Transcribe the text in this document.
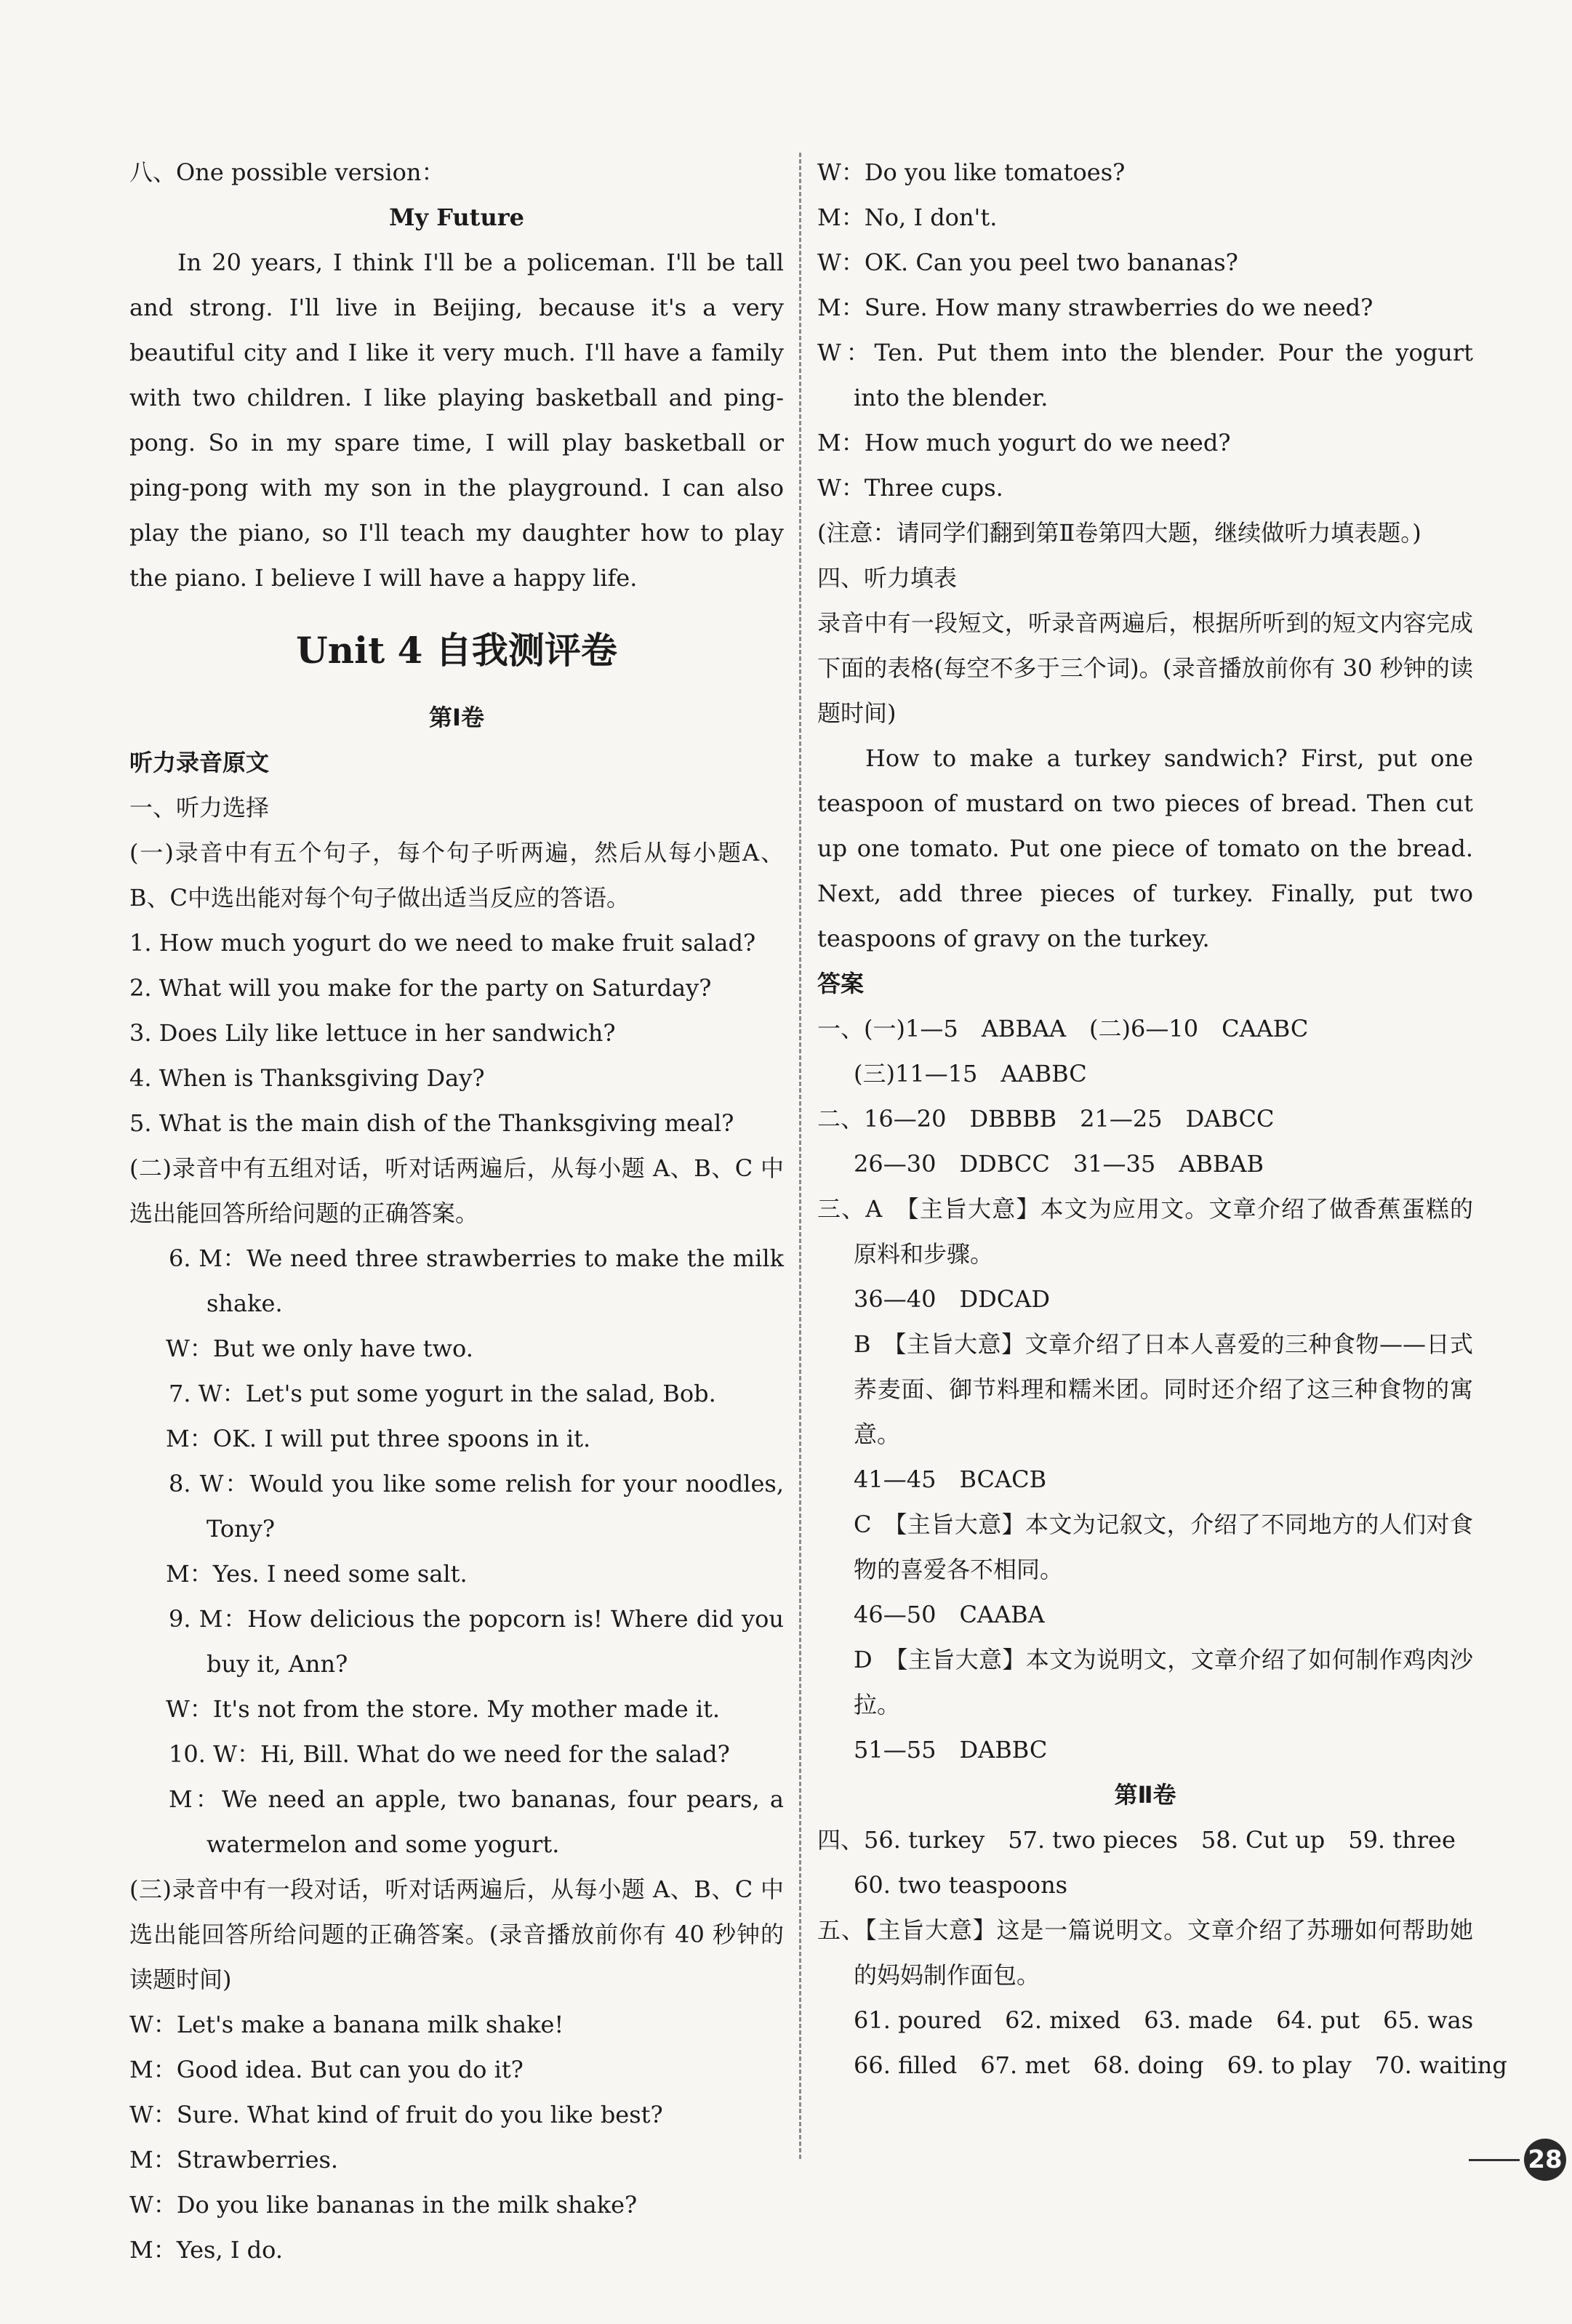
八、One possible version：

My Future

In 20 years, I think I'll be a policeman. I'll be tall and strong. I'll live in Beijing, because it's a very beautiful city and I like it very much. I'll have a family with two children. I like playing basketball and ping-pong. So in my spare time, I will play basketball or ping-pong with my son in the playground. I can also play the piano, so I'll teach my daughter how to play the piano. I believe I will have a happy life.

Unit 4 自我测评卷

第Ⅰ卷

听力录音原文

一、听力选择

(一)录音中有五个句子，每个句子听两遍，然后从每小题A、B、C中选出能对每个句子做出适当反应的答语。

1. How much yogurt do we need to make fruit salad?

2. What will you make for the party on Saturday?

3. Does Lily like lettuce in her sandwich?

4. When is Thanksgiving Day?

5. What is the main dish of the Thanksgiving meal?

(二)录音中有五组对话，听对话两遍后，从每小题 A、B、C 中选出能回答所给问题的正确答案。

6. M：We need three strawberries to make the milk shake.

W：But we only have two.

7. W：Let's put some yogurt in the salad, Bob.

M：OK. I will put three spoons in it.

8. W：Would you like some relish for your noodles, Tony?

M：Yes. I need some salt.

9. M：How delicious the popcorn is! Where did you buy it, Ann?

W：It's not from the store. My mother made it.

10. W：Hi, Bill. What do we need for the salad?

M：We need an apple, two bananas, four pears, a watermelon and some yogurt.

(三)录音中有一段对话，听对话两遍后，从每小题 A、B、C 中选出能回答所给问题的正确答案。(录音播放前你有 40 秒钟的读题时间)

W：Let's make a banana milk shake!

M：Good idea. But can you do it?

W：Sure. What kind of fruit do you like best?

M：Strawberries.

W：Do you like bananas in the milk shake?

M：Yes, I do.

W：Do you like tomatoes?

M：No, I don't.

W：OK. Can you peel two bananas?

M：Sure. How many strawberries do we need?

W：Ten. Put them into the blender. Pour the yogurt into the blender.

M：How much yogurt do we need?

W：Three cups.

(注意：请同学们翻到第Ⅱ卷第四大题，继续做听力填表题。)

四、听力填表

录音中有一段短文，听录音两遍后，根据所听到的短文内容完成下面的表格(每空不多于三个词)。(录音播放前你有 30 秒钟的读题时间)

How to make a turkey sandwich? First, put one teaspoon of mustard on two pieces of bread. Then cut up one tomato. Put one piece of tomato on the bread. Next, add three pieces of turkey. Finally, put two teaspoons of gravy on the turkey.

答案

一、(一)1—5　ABBAA　(二)6—10　CAABC

(三)11—15　AABBC

二、16—20　DBBBB　21—25　DABCC

26—30　DDBCC　31—35　ABBAB

三、A　【主旨大意】本文为应用文。文章介绍了做香蕉蛋糕的原料和步骤。

36—40　DDCAD

B　【主旨大意】文章介绍了日本人喜爱的三种食物——日式荞麦面、御节料理和糯米团。同时还介绍了这三种食物的寓意。

41—45　BCACB

C　【主旨大意】本文为记叙文，介绍了不同地方的人们对食物的喜爱各不相同。

46—50　CAABA

D　【主旨大意】本文为说明文，文章介绍了如何制作鸡肉沙拉。

51—55　DABBC

第Ⅱ卷

四、56. turkey　57. two pieces　58. Cut up　59. three

60. two teaspoons

五、【主旨大意】这是一篇说明文。文章介绍了苏珊如何帮助她的妈妈制作面包。

61. poured　62. mixed　63. made　64. put　65. was

66. filled　67. met　68. doing　69. to play　70. waiting

28
